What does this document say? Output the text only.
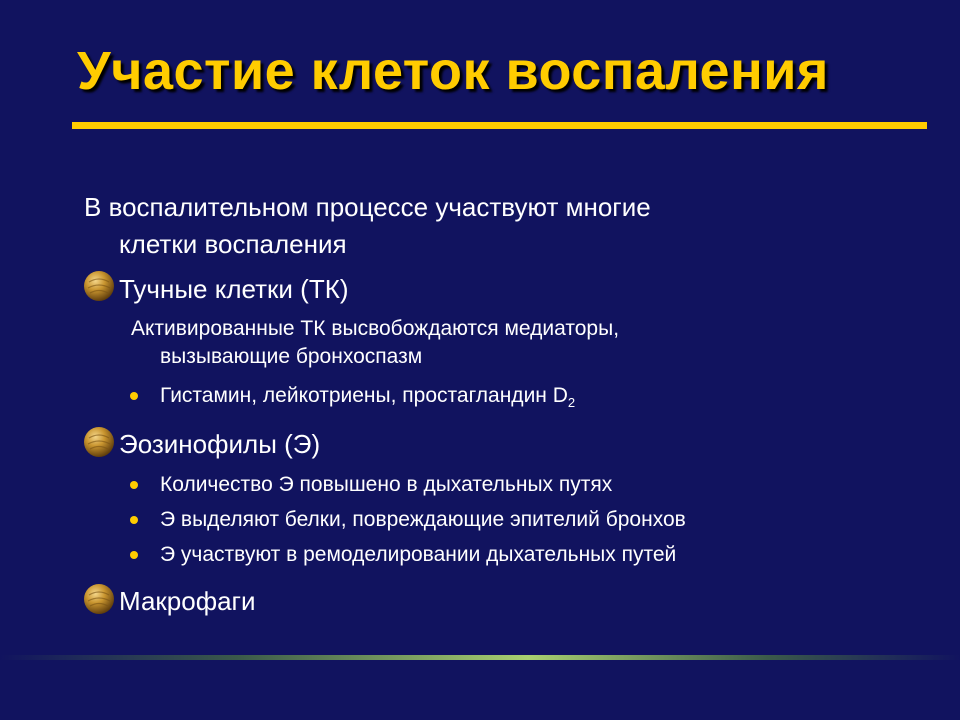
Участие клеток воспаления
В воспалительном процессе участвуют многие
клетки воспаления
Тучные клетки (ТК)
Активированные ТК высвобождаются медиаторы,
вызывающие бронхоспазм
Гистамин, лейкотриены, простагландин $D_2$
Эозинофилы (Э)
Количество Э повышено в дыхательных путях
Э выделяют белки, повреждающие эпителий бронхов
Э участвуют в ремоделировании дыхательных путей
Макрофаги
